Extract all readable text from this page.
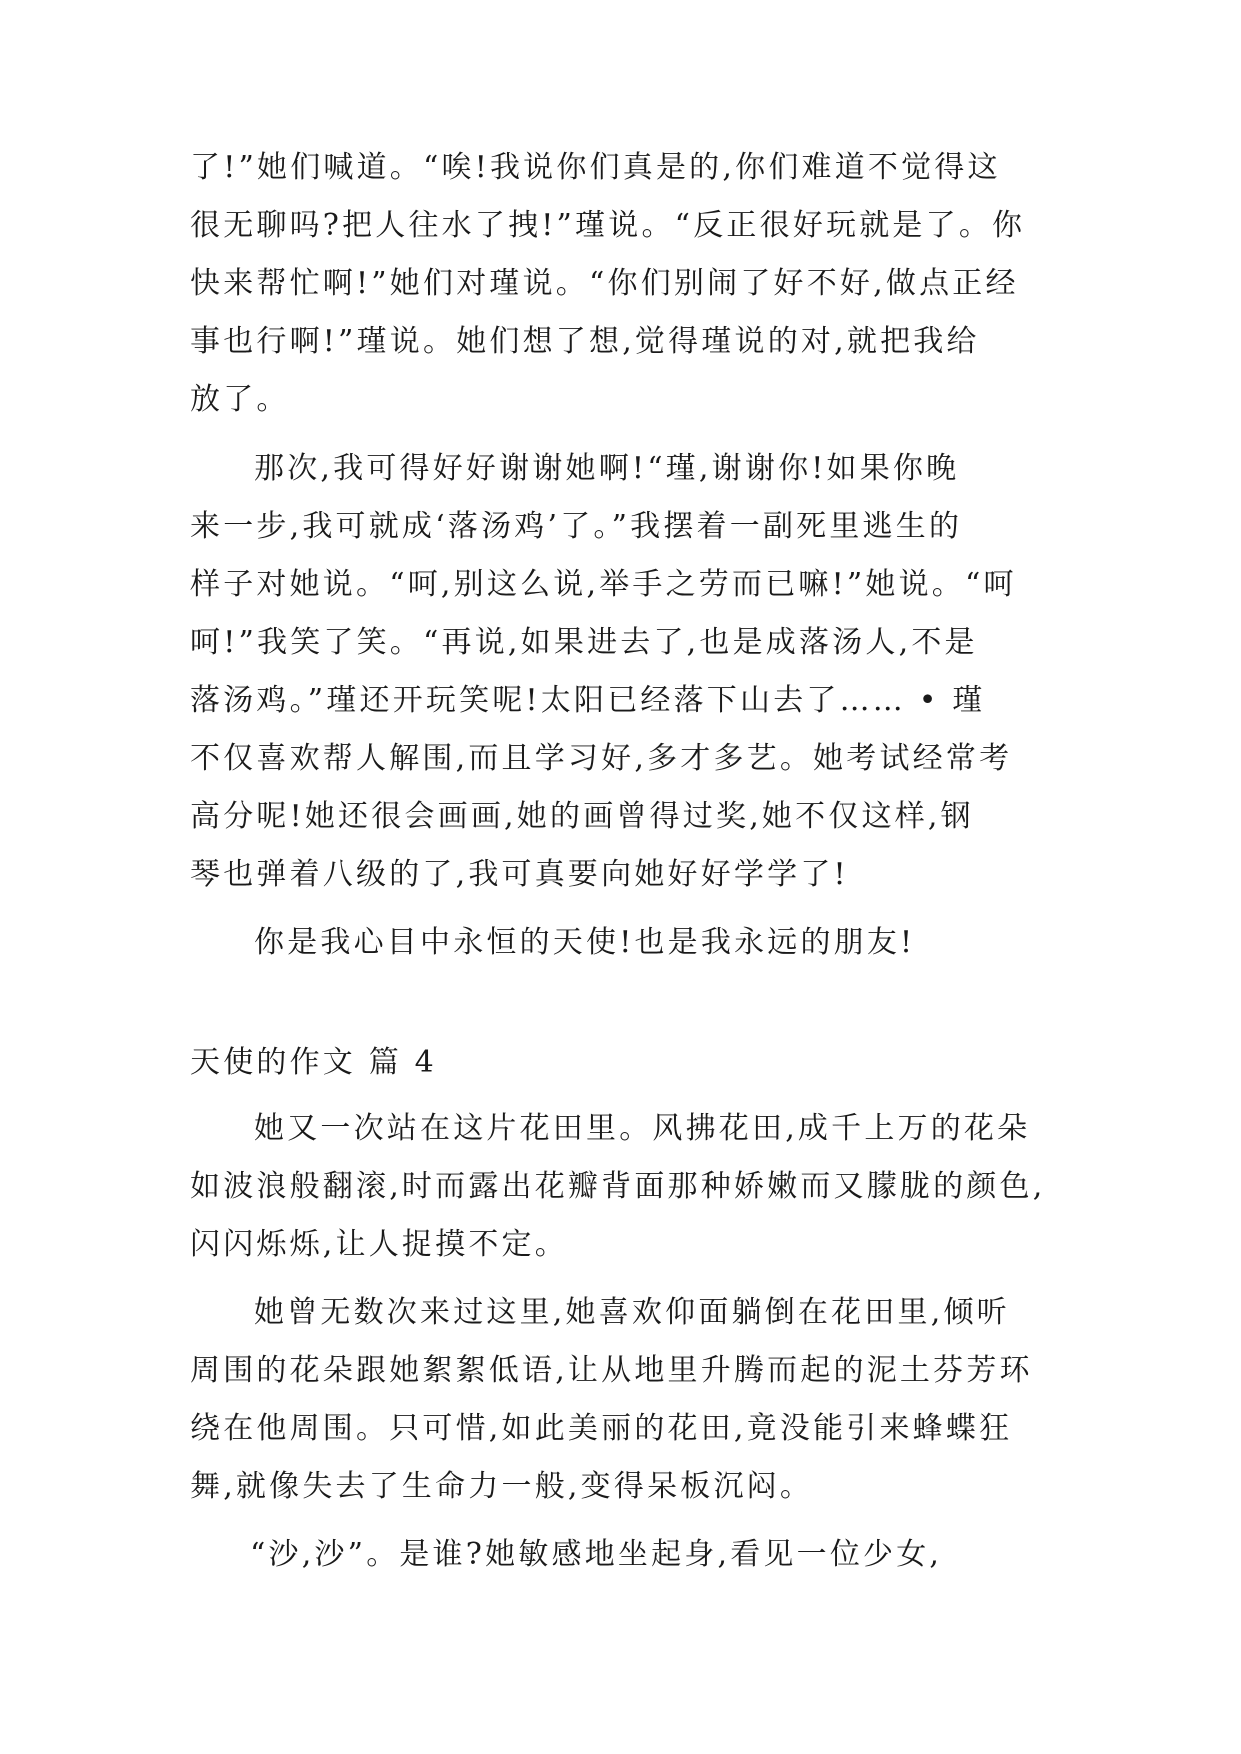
了!”她们喊道。“唉!我说你们真是的,你们难道不觉得这
很无聊吗?把人往水了拽!”瑾说。“反正很好玩就是了。你
快来帮忙啊!”她们对瑾说。“你们别闹了好不好,做点正经
事也行啊!”瑾说。她们想了想,觉得瑾说的对,就把我给
放了。
那次,我可得好好谢谢她啊!“瑾,谢谢你!如果你晚
来一步,我可就成‘落汤鸡’了。”我摆着一副死里逃生的
样子对她说。“呵,别这么说,举手之劳而已嘛!”她说。“呵
呵!”我笑了笑。“再说,如果进去了,也是成落汤人,不是
落汤鸡。”瑾还开玩笑呢!太阳已经落下山去了…… • 瑾
不仅喜欢帮人解围,而且学习好,多才多艺。她考试经常考
高分呢!她还很会画画,她的画曾得过奖,她不仅这样,钢
琴也弹着八级的了,我可真要向她好好学学了!
你是我心目中永恒的天使!也是我永远的朋友!
天使的作文 篇 4
她又一次站在这片花田里。风拂花田,成千上万的花朵
如波浪般翻滚,时而露出花瓣背面那种娇嫩而又朦胧的颜色,
闪闪烁烁,让人捉摸不定。
她曾无数次来过这里,她喜欢仰面躺倒在花田里,倾听
周围的花朵跟她絮絮低语,让从地里升腾而起的泥土芬芳环
绕在他周围。只可惜,如此美丽的花田,竟没能引来蜂蝶狂
舞,就像失去了生命力一般,变得呆板沉闷。
“沙,沙”。是谁?她敏感地坐起身,看见一位少女,
